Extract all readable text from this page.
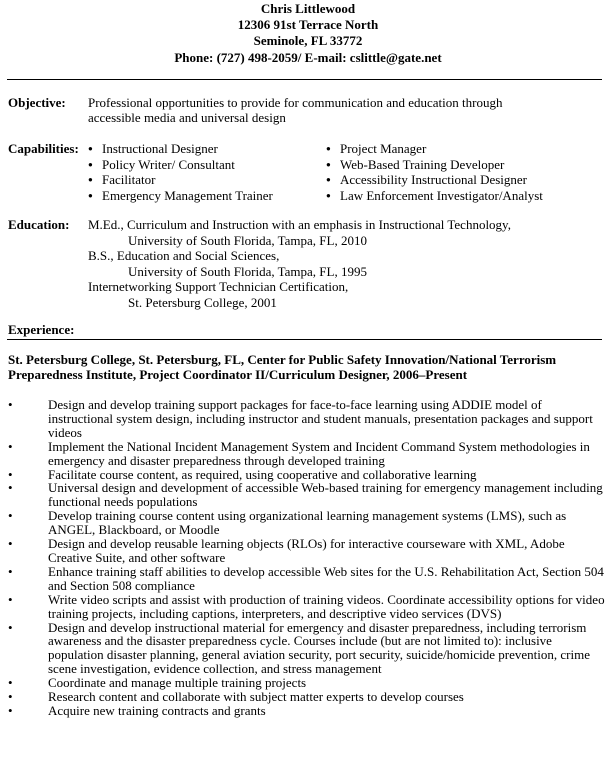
Chris Littlewood
12306 91st Terrace North
Seminole, FL 33772
Phone: (727) 498-2059/ E-mail: cslittle@gate.net
Objective: Professional opportunities to provide for communication and education through
accessible media and universal design
Capabilities:
●	Instructional Designer
● Policy Writer/ Consultant
● Facilitator
● Emergency Management Trainer
● Project Manager
● Web-Based Training Developer
● Accessibility Instructional Designer
● Law Enforcement Investigator/Analyst
Education: M.Ed., Curriculum and Instruction with an emphasis in Instructional Technology,
University of South Florida, Tampa, FL, 2010
B.S., Education and Social Sciences,
University of South Florida, Tampa, FL, 1995
Internetworking Support Technician Certification,
St. Petersburg College, 2001
Experience:
St. Petersburg College, St. Petersburg, FL, Center for Public Safety Innovation/National Terrorism
Preparedness Institute, Project Coordinator II/Curriculum Designer, 2006–Present
• Design and develop training support packages for face-to-face learning using ADDIE model of instructional system design, including instructor and student manuals, presentation packages and support videos
• Implement the National Incident Management System and Incident Command System methodologies in emergency and disaster preparedness through developed training
• Facilitate course content, as required, using cooperative and collaborative learning
• Universal design and development of accessible Web-based training for emergency management including functional needs populations
• Develop training course content using organizational learning management systems (LMS), such as ANGEL, Blackboard, or Moodle
• Design and develop reusable learning objects (RLOs) for interactive courseware with XML, Adobe Creative Suite, and other software
• Enhance training staff abilities to develop accessible Web sites for the U.S. Rehabilitation Act, Section 504 and Section 508 compliance
• Write video scripts and assist with production of training videos. Coordinate accessibility options for video training projects, including captions, interpreters, and descriptive video services (DVS)
• Design and develop instructional material for emergency and disaster preparedness, including terrorism awareness and the disaster preparedness cycle. Courses include (but are not limited to): inclusive population disaster planning, general aviation security, port security, suicide/homicide prevention, crime scene investigation, evidence collection, and stress management
• Coordinate and manage multiple training projects
• Research content and collaborate with subject matter experts to develop courses
• Acquire new training contracts and grants
